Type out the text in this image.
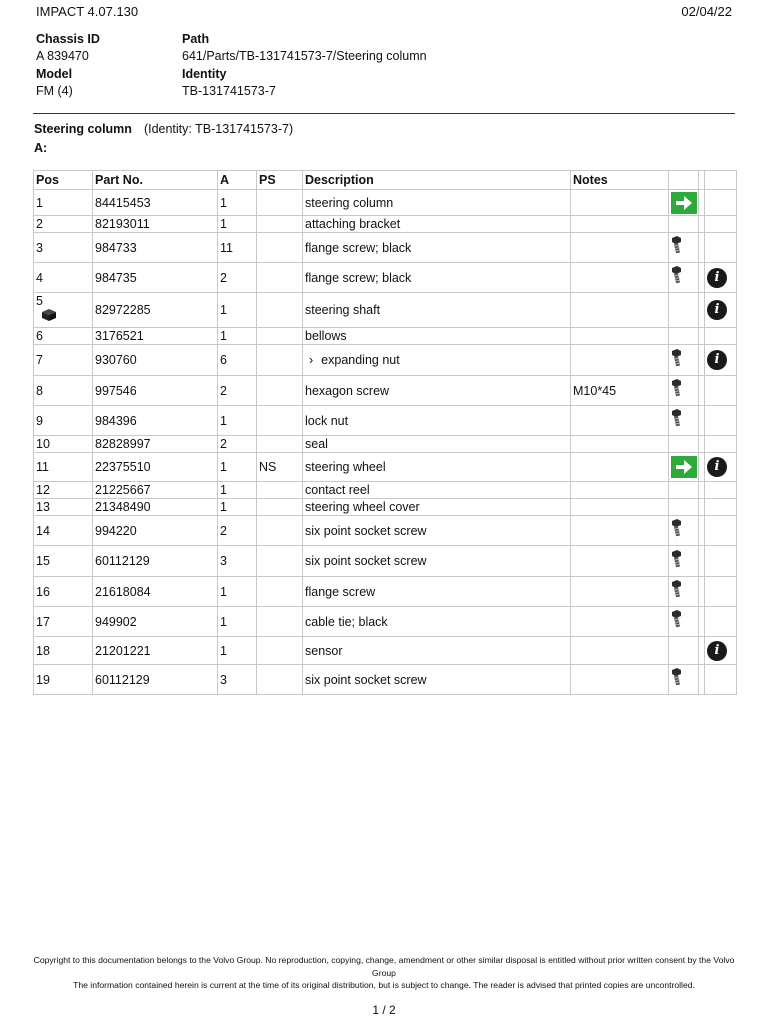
IMPACT 4.07.130	02/04/22
Chassis ID
A 839470
Model
FM (4)
Path
641/Parts/TB-131741573-7/Steering column
Identity
TB-131741573-7
Steering column (Identity: TB-131741573-7)
A:
Pos	Part No.	A	PS	Description	Notes			
1	84415453	1		steering column		

2	82193011	1		attaching bracket				
3	984733	11		flange screw; black				
4	984735	2		flange screw; black				i
5	82972285	1		steering shaft				i
6	3176521	1		bellows				
7	930760	6		› expanding nut				i
8	997546	2		hexagon screw	M10*45			
9	984396	1		lock nut				
10	82828997	2		seal				
11	22375510	1	NS	steering wheel				i
12	21225667	1		contact reel				
13	21348490	1		steering wheel cover				
14	994220	2		six point socket screw				
15	60112129	3		six point socket screw				
16	21618084	1		flange screw				
17	949902	1		cable tie; black				
18	21201221	1		sensor				i
19	60112129	3		six point socket screw				
Copyright to this documentation belongs to the Volvo Group. No reproduction, copying, change, amendment or other similar disposal is entitled without prior written consent by the Volvo Group
The information contained herein is current at the time of its original distribution, but is subject to change. The reader is advised that printed copies are uncontrolled.
1 / 2
